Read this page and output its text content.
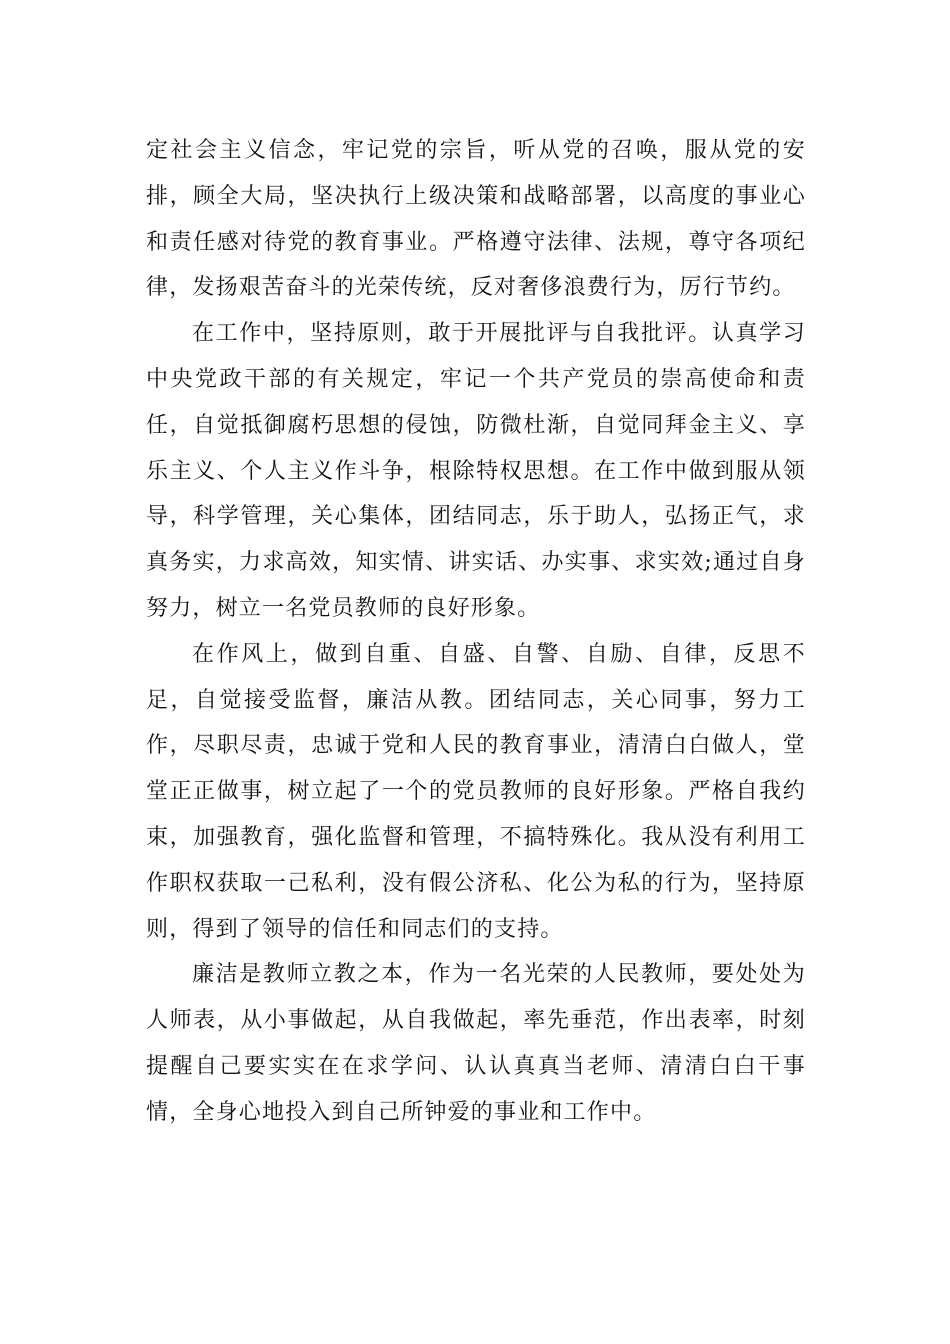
定社会主义信念，牢记党的宗旨，听从党的召唤，服从党的安排，顾全大局，坚决执行上级决策和战略部署，以高度的事业心和责任感对待党的教育事业。严格遵守法律、法规，尊守各项纪律，发扬艰苦奋斗的光荣传统，反对奢侈浪费行为，厉行节约。

在工作中，坚持原则，敢于开展批评与自我批评。认真学习中央党政干部的有关规定，牢记一个共产党员的崇高使命和责任，自觉抵御腐朽思想的侵蚀，防微杜渐，自觉同拜金主义、享乐主义、个人主义作斗争，根除特权思想。在工作中做到服从领导，科学管理，关心集体，团结同志，乐于助人，弘扬正气，求真务实，力求高效，知实情、讲实话、办实事、求实效;通过自身努力，树立一名党员教师的良好形象。

在作风上，做到自重、自盛、自警、自励、自律，反思不足，自觉接受监督，廉洁从教。团结同志，关心同事，努力工作，尽职尽责，忠诚于党和人民的教育事业，清清白白做人，堂堂正正做事，树立起了一个的党员教师的良好形象。严格自我约束，加强教育，强化监督和管理，不搞特殊化。我从没有利用工作职权获取一己私利，没有假公济私、化公为私的行为，坚持原则，得到了领导的信任和同志们的支持。

廉洁是教师立教之本，作为一名光荣的人民教师，要处处为人师表，从小事做起，从自我做起，率先垂范，作出表率，时刻提醒自己要实实在在求学问、认认真真当老师、清清白白干事情，全身心地投入到自己所钟爱的事业和工作中。
